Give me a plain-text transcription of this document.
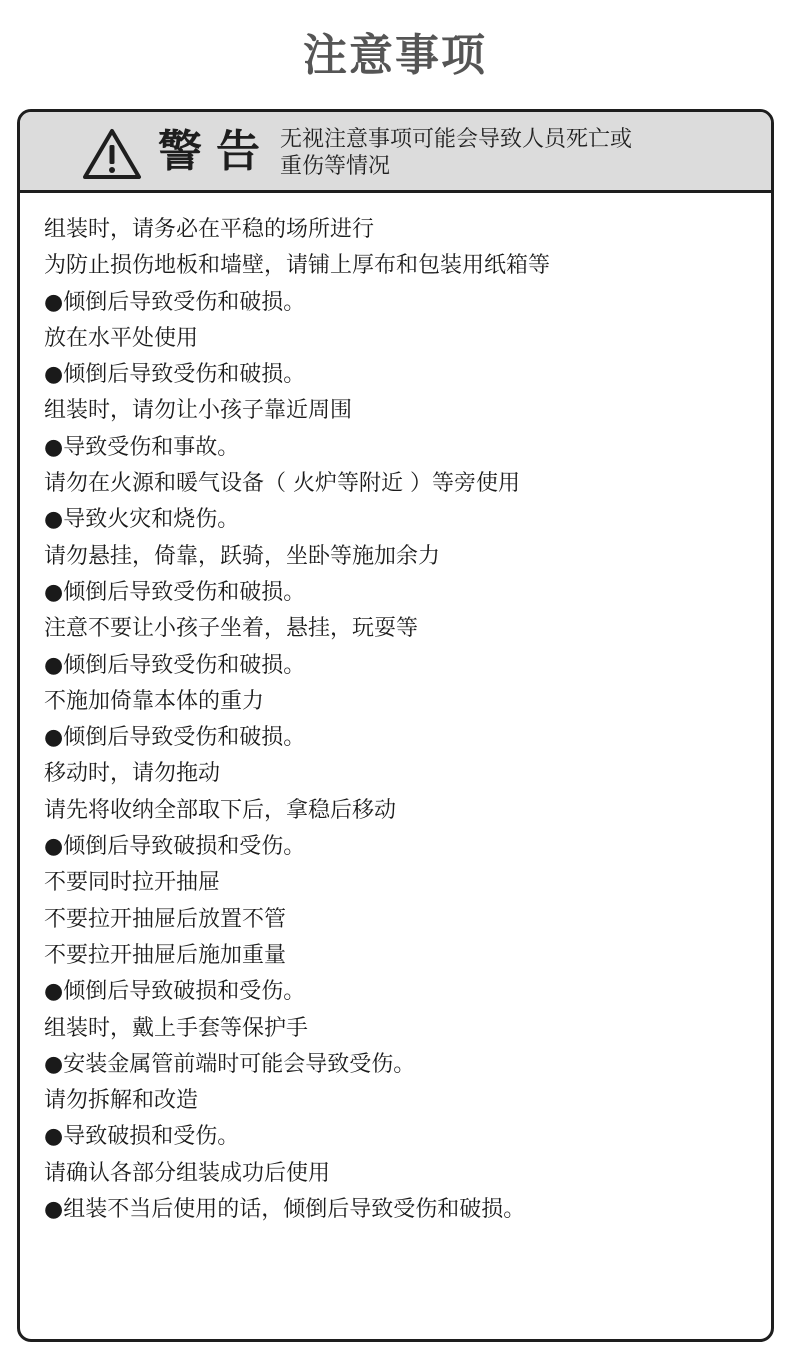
注意事项
警告 无视注意事项可能会导致人员死亡或
重伤等情况
组装时，请务必在平稳的场所进行
为防止损伤地板和墙壁，请铺上厚布和包装用纸箱等
●倾倒后导致受伤和破损。
放在水平处使用
●倾倒后导致受伤和破损。
组装时，请勿让小孩子靠近周围
●导致受伤和事故。
请勿在火源和暖气设备（ 火炉等附近 ）等旁使用
●导致火灾和烧伤。
请勿悬挂，倚靠，跃骑，坐卧等施加余力
●倾倒后导致受伤和破损。
注意不要让小孩子坐着，悬挂，玩耍等
●倾倒后导致受伤和破损。
不施加倚靠本体的重力
●倾倒后导致受伤和破损。
移动时，请勿拖动
请先将收纳全部取下后，拿稳后移动
●倾倒后导致破损和受伤。
不要同时拉开抽屉
不要拉开抽屉后放置不管
不要拉开抽屉后施加重量
●倾倒后导致破损和受伤。
组装时，戴上手套等保护手
●安装金属管前端时可能会导致受伤。
请勿拆解和改造
●导致破损和受伤。
请确认各部分组装成功后使用
●组装不当后使用的话，倾倒后导致受伤和破损。
